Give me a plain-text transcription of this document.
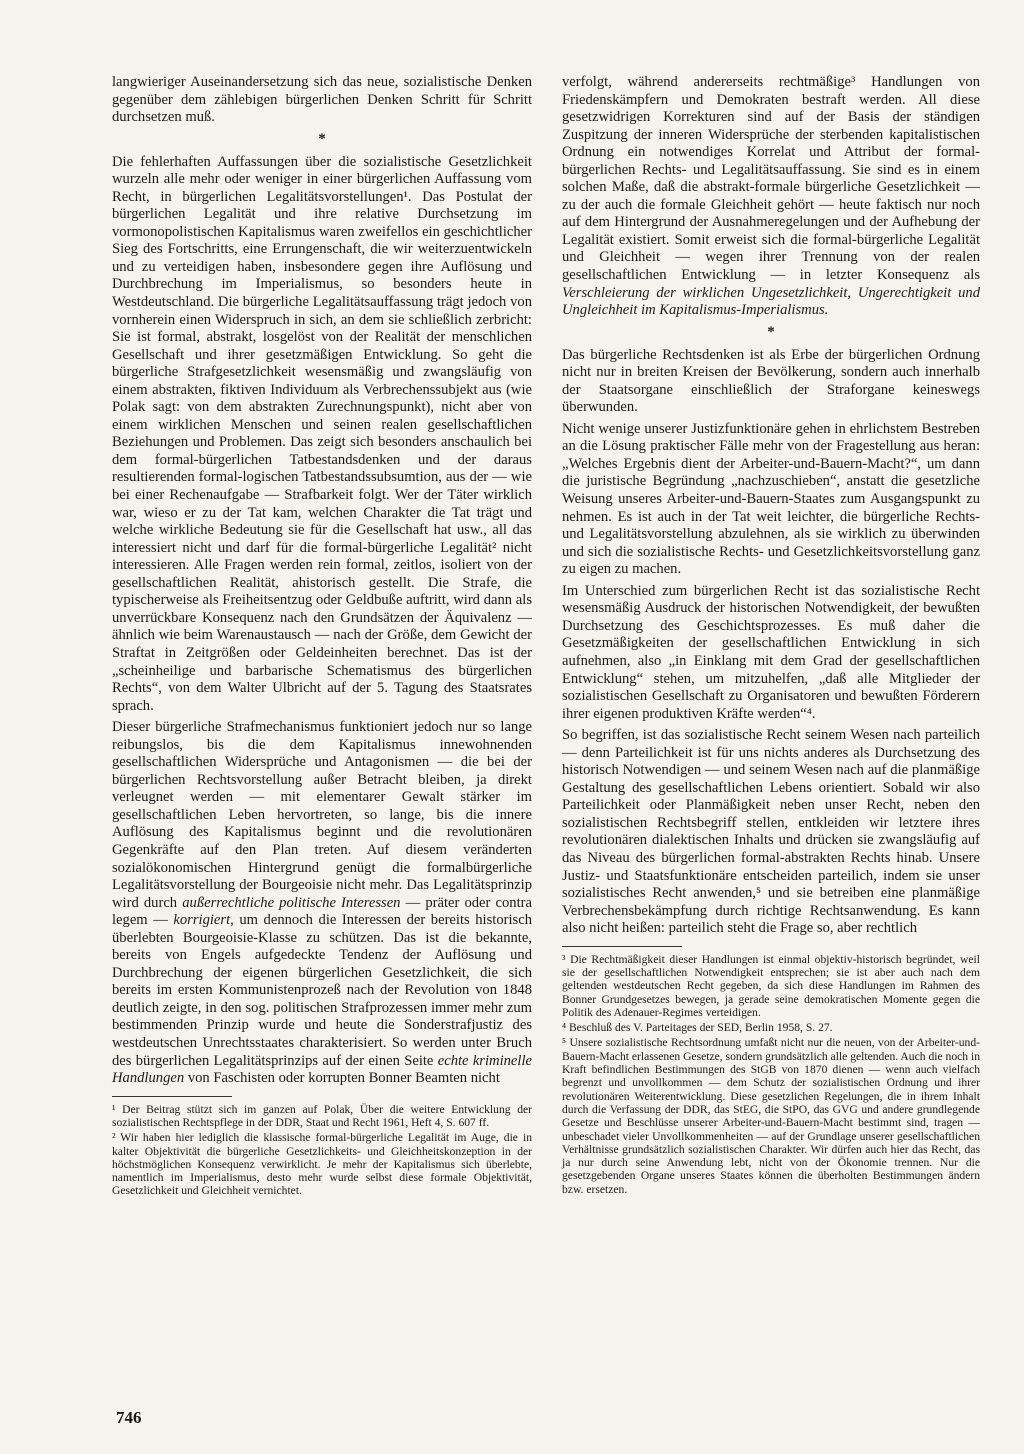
langwieriger Auseinandersetzung sich das neue, sozialistische Denken gegenüber dem zählebigen bürgerlichen Denken Schritt für Schritt durchsetzen muß.

*

Die fehlerhaften Auffassungen über die sozialistische Gesetzlichkeit wurzeln alle mehr oder weniger in einer bürgerlichen Auffassung vom Recht, in bürgerlichen Legalitätsvorstellungen¹. Das Postulat der bürgerlichen Legalität und ihre relative Durchsetzung im vormonopolistischen Kapitalismus waren zweifellos ein geschichtlicher Sieg des Fortschritts, eine Errungenschaft, die wir weiterzuentwickeln und zu verteidigen haben, insbesondere gegen ihre Auflösung und Durchbrechung im Imperialismus, so besonders heute in Westdeutschland. Die bürgerliche Legalitätsauffassung trägt jedoch von vornherein einen Widerspruch in sich, an dem sie schließlich zerbricht: Sie ist formal, abstrakt, losgelöst von der Realität der menschlichen Gesellschaft und ihrer gesetzmäßigen Entwicklung. So geht die bürgerliche Strafgesetzlichkeit wesensmäßig und zwangsläufig von einem abstrakten, fiktiven Individuum als Verbrechenssubjekt aus (wie Polak sagt: von dem abstrakten Zurechnungspunkt), nicht aber von einem wirklichen Menschen und seinen realen gesellschaftlichen Beziehungen und Problemen. Das zeigt sich besonders anschaulich bei dem formal-bürgerlichen Tatbestandsdenken und der daraus resultierenden formal-logischen Tatbestandssubsumtion, aus der — wie bei einer Rechenaufgabe — Strafbarkeit folgt. Wer der Täter wirklich war, wieso er zu der Tat kam, welchen Charakter die Tat trägt und welche wirkliche Bedeutung sie für die Gesellschaft hat usw., all das interessiert nicht und darf für die formal-bürgerliche Legalität² nicht interessieren. Alle Fragen werden rein formal, zeitlos, isoliert von der gesellschaftlichen Realität, ahistorisch gestellt. Die Strafe, die typischerweise als Freiheitsentzug oder Geldbuße auftritt, wird dann als unverrückbare Konsequenz nach den Grundsätzen der Äquivalenz — ähnlich wie beim Warenaustausch — nach der Größe, dem Gewicht der Straftat in Zeitgrößen oder Geldeinheiten berechnet. Das ist der „scheinheilige und barbarische Schematismus des bürgerlichen Rechts“, von dem Walter Ulbricht auf der 5. Tagung des Staatsrates sprach.

Dieser bürgerliche Strafmechanismus funktioniert jedoch nur so lange reibungslos, bis die dem Kapitalismus innewohnenden gesellschaftlichen Widersprüche und Antagonismen — die bei der bürgerlichen Rechtsvorstellung außer Betracht bleiben, ja direkt verleugnet werden — mit elementarer Gewalt stärker im gesellschaftlichen Leben hervortreten, so lange, bis die innere Auflösung des Kapitalismus beginnt und die revolutionären Gegenkräfte auf den Plan treten. Auf diesem veränderten sozialökonomischen Hintergrund genügt die formalbürgerliche Legalitätsvorstellung der Bourgeoisie nicht mehr. Das Legalitätsprinzip wird durch außerrechtliche politische Interessen — präter oder contra legem — korrigiert, um dennoch die Interessen der bereits historisch überlebten Bourgeoisie-Klasse zu schützen. Das ist die bekannte, bereits von Engels aufgedeckte Tendenz der Auflösung und Durchbrechung der eigenen bürgerlichen Gesetzlichkeit, die sich bereits im ersten Kommunistenprozeß nach der Revolution von 1848 deutlich zeigte, in den sog. politischen Strafprozessen immer mehr zum bestimmenden Prinzip wurde und heute die Sonderstrafjustiz des westdeutschen Unrechtsstaates charakterisiert. So werden unter Bruch des bürgerlichen Legalitätsprinzips auf der einen Seite echte kriminelle Handlungen von Faschisten oder korrupten Bonner Beamten nicht

¹ Der Beitrag stützt sich im ganzen auf Polak, Über die weitere Entwicklung der sozialistischen Rechtspflege in der DDR, Staat und Recht 1961, Heft 4, S. 607 ff.

² Wir haben hier lediglich die klassische formal-bürgerliche Legalität im Auge, die in kalter Objektivität die bürgerliche Gesetzlichkeits- und Gleichheitskonzeption in der höchstmöglichen Konsequenz verwirklicht. Je mehr der Kapitalismus sich überlebte, namentlich im Imperialismus, desto mehr wurde selbst diese formale Objektivität, Gesetzlichkeit und Gleichheit vernichtet.

verfolgt, während andererseits rechtmäßige³ Handlungen von Friedenskämpfern und Demokraten bestraft werden. All diese gesetzwidrigen Korrekturen sind auf der Basis der ständigen Zuspitzung der inneren Widersprüche der sterbenden kapitalistischen Ordnung ein notwendiges Korrelat und Attribut der formal-bürgerlichen Rechts- und Legalitätsauffassung. Sie sind es in einem solchen Maße, daß die abstrakt-formale bürgerliche Gesetzlichkeit — zu der auch die formale Gleichheit gehört — heute faktisch nur noch auf dem Hintergrund der Ausnahmeregelungen und der Aufhebung der Legalität existiert. Somit erweist sich die formal-bürgerliche Legalität und Gleichheit — wegen ihrer Trennung von der realen gesellschaftlichen Entwicklung — in letzter Konsequenz als Verschleierung der wirklichen Ungesetzlichkeit, Ungerechtigkeit und Ungleichheit im Kapitalismus-Imperialismus.

*

Das bürgerliche Rechtsdenken ist als Erbe der bürgerlichen Ordnung nicht nur in breiten Kreisen der Bevölkerung, sondern auch innerhalb der Staatsorgane einschließlich der Straforgane keineswegs überwunden.

Nicht wenige unserer Justizfunktionäre gehen in ehrlichstem Bestreben an die Lösung praktischer Fälle mehr von der Fragestellung aus heran: „Welches Ergebnis dient der Arbeiter-und-Bauern-Macht?“, um dann die juristische Begründung „nachzuschieben“, anstatt die gesetzliche Weisung unseres Arbeiter-und-Bauern-Staates zum Ausgangspunkt zu nehmen. Es ist auch in der Tat weit leichter, die bürgerliche Rechts- und Legalitätsvorstellung abzulehnen, als sie wirklich zu überwinden und sich die sozialistische Rechts- und Gesetzlichkeitsvorstellung ganz zu eigen zu machen.

Im Unterschied zum bürgerlichen Recht ist das sozialistische Recht wesensmäßig Ausdruck der historischen Notwendigkeit, der bewußten Durchsetzung des Geschichtsprozesses. Es muß daher die Gesetzmäßigkeiten der gesellschaftlichen Entwicklung in sich aufnehmen, also „in Einklang mit dem Grad der gesellschaftlichen Entwicklung“ stehen, um mitzuhelfen, „daß alle Mitglieder der sozialistischen Gesellschaft zu Organisatoren und bewußten Förderern ihrer eigenen produktiven Kräfte werden“⁴.

So begriffen, ist das sozialistische Recht seinem Wesen nach parteilich — denn Parteilichkeit ist für uns nichts anderes als Durchsetzung des historisch Notwendigen — und seinem Wesen nach auf die planmäßige Gestaltung des gesellschaftlichen Lebens orientiert. Sobald wir also Parteilichkeit oder Planmäßigkeit neben unser Recht, neben den sozialistischen Rechtsbegriff stellen, entkleiden wir letztere ihres revolutionären dialektischen Inhalts und drücken sie zwangsläufig auf das Niveau des bürgerlichen formal-abstrakten Rechts hinab. Unsere Justiz- und Staatsfunktionäre entscheiden parteilich, indem sie unser sozialistisches Recht anwenden,⁵ und sie betreiben eine planmäßige Verbrechensbekämpfung durch richtige Rechtsanwendung. Es kann also nicht heißen: parteilich steht die Frage so, aber rechtlich

³ Die Rechtmäßigkeit dieser Handlungen ist einmal objektiv-historisch begründet, weil sie der gesellschaftlichen Notwendigkeit entsprechen; sie ist aber auch nach dem geltenden westdeutschen Recht gegeben, da sich diese Handlungen im Rahmen des Bonner Grundgesetzes bewegen, ja gerade seine demokratischen Momente gegen die Politik des Adenauer-Regimes verteidigen.

⁴ Beschluß des V. Parteitages der SED, Berlin 1958, S. 27.

⁵ Unsere sozialistische Rechtsordnung umfaßt nicht nur die neuen, von der Arbeiter-und-Bauern-Macht erlassenen Gesetze, sondern grundsätzlich alle geltenden. Auch die noch in Kraft befindlichen Bestimmungen des StGB von 1870 dienen — wenn auch vielfach begrenzt und unvollkommen — dem Schutz der sozialistischen Ordnung und ihrer revolutionären Weiterentwicklung. Diese gesetzlichen Regelungen, die in ihrem Inhalt durch die Verfassung der DDR, das StEG, die StPO, das GVG und andere grundlegende Gesetze und Beschlüsse unserer Arbeiter-und-Bauern-Macht bestimmt sind, tragen — unbeschadet vieler Unvollkommenheiten — auf der Grundlage unserer gesellschaftlichen Verhältnisse grundsätzlich sozialistischen Charakter. Wir dürfen auch hier das Recht, das ja nur durch seine Anwendung lebt, nicht von der Ökonomie trennen. Nur die gesetzgebenden Organe unseres Staates können die überholten Bestimmungen ändern bzw. ersetzen.

746
